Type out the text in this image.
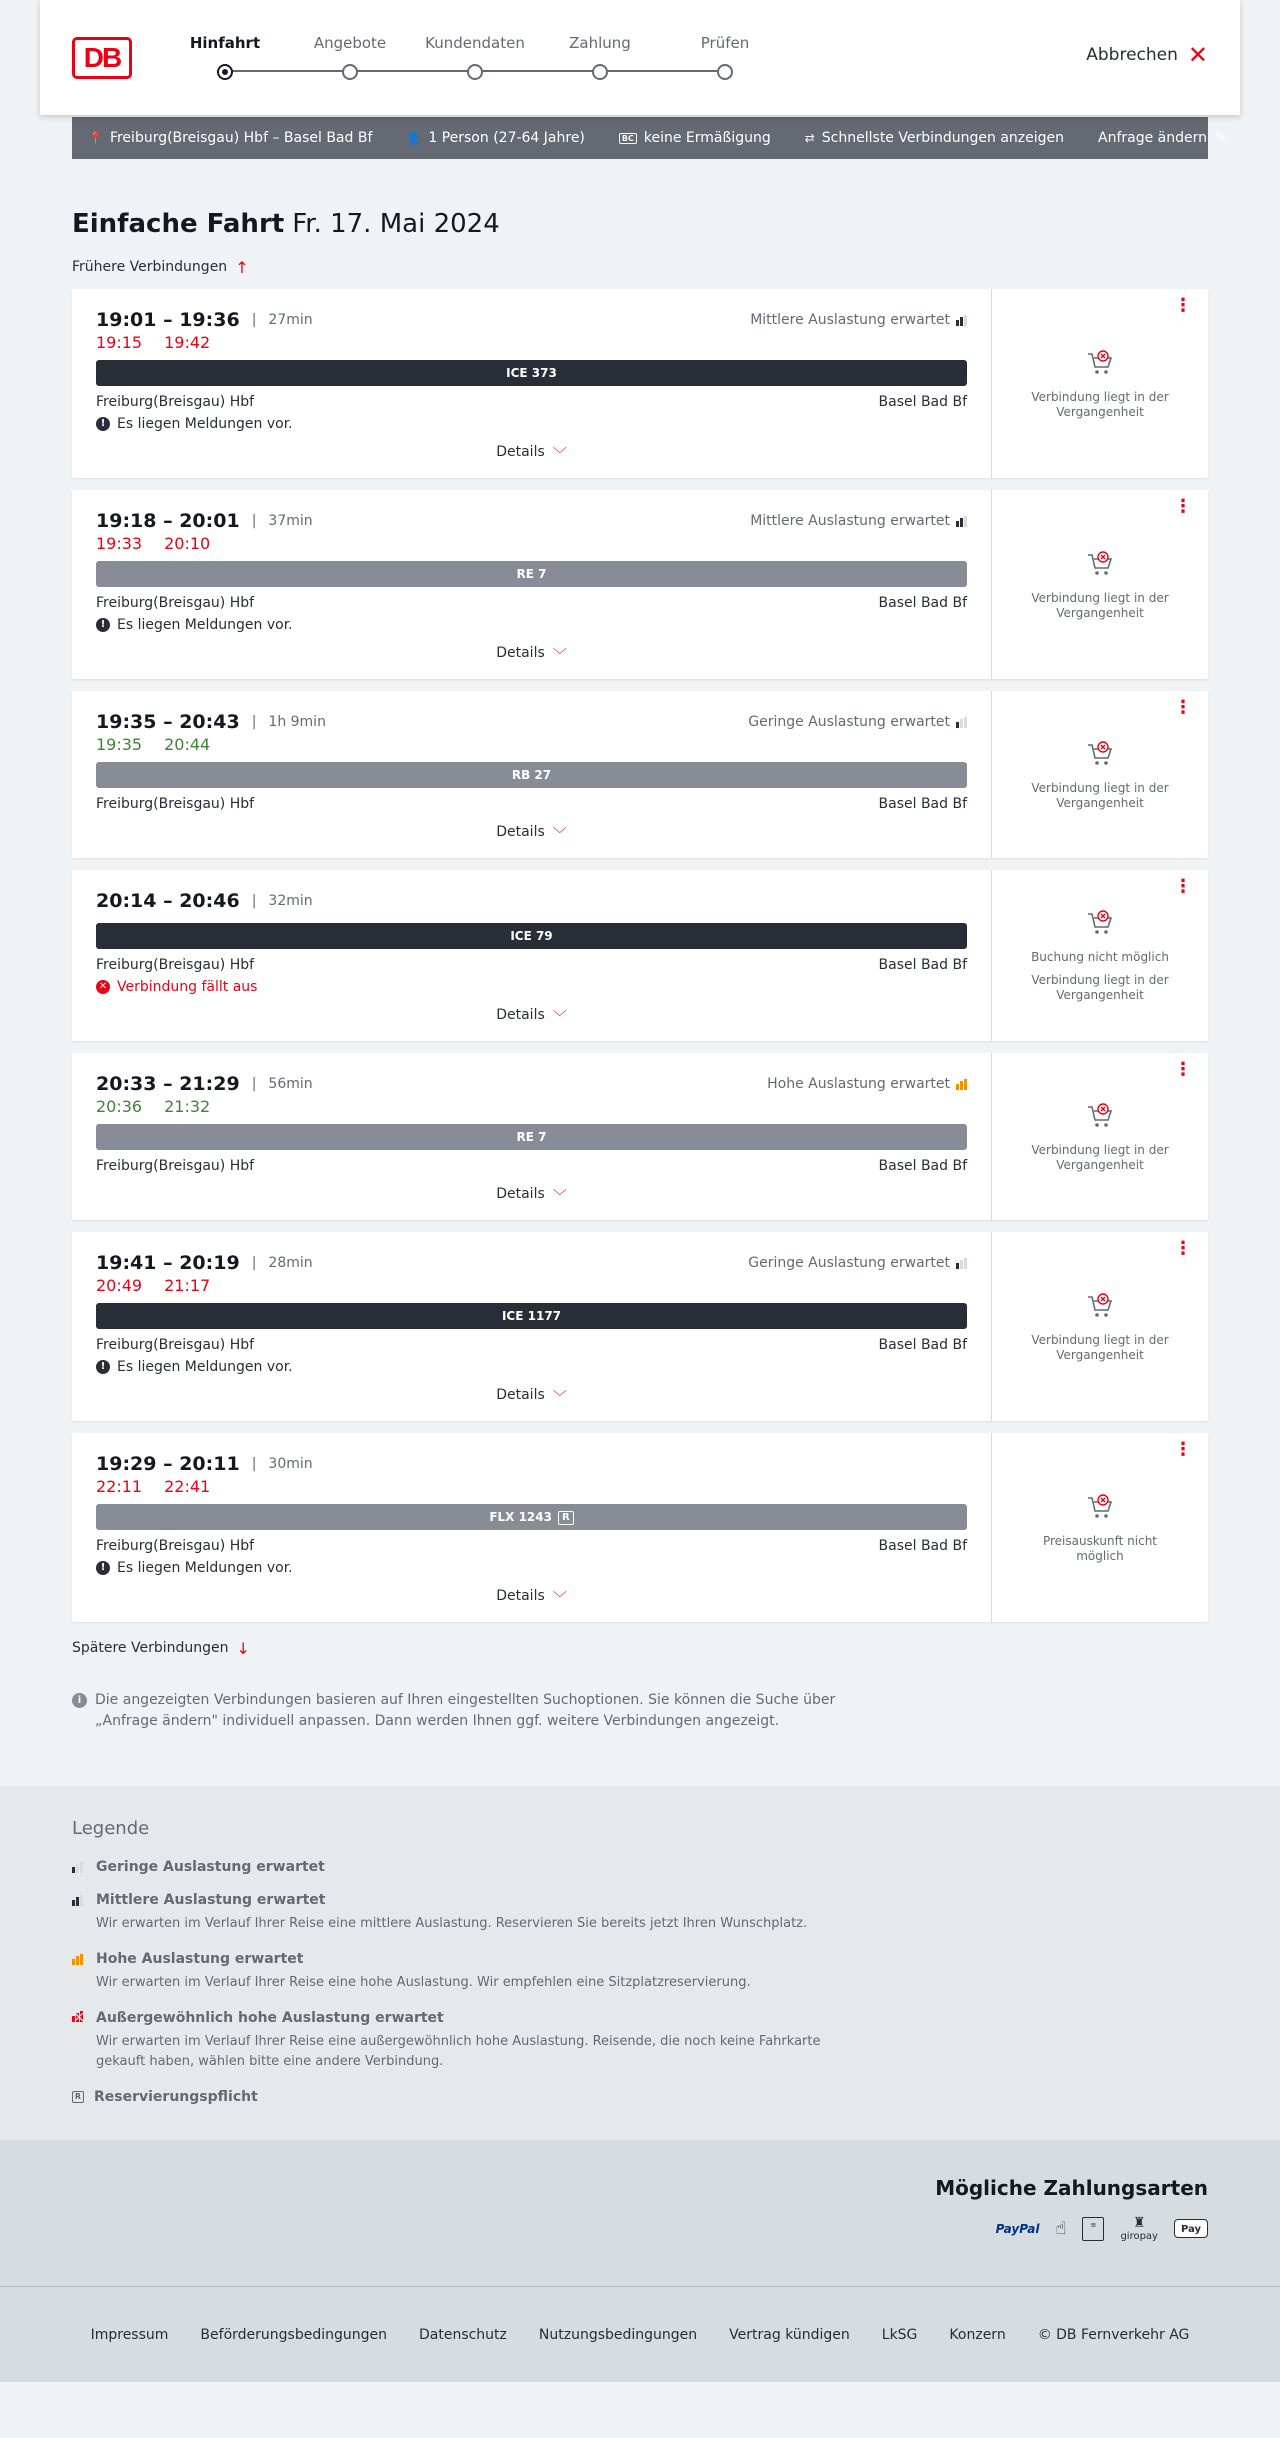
DB	Hinfahrt	Angebote	Kundendaten	Zahlung	Prüfen
Abbrechen ✕
📍 Freiburg(Breisgau) Hbf – Basel Bad Bf	👤 1 Person (27-64 Jahre)	BC keine Ermäßigung	⇄ Schnellste Verbindungen anzeigen Anfrage ändern ✎
Einfache Fahrt Fr. 17. Mai 2024
Frühere Verbindungen ↑
19:01 – 19:36 | 27min	Mittlere Auslastung erwartet
19:15 19:42
ICE 373
Freiburg(Breisgau) Hbf	Basel Bad Bf
! Es liegen Meldungen vor.
Details ﹀
⋮
Verbindung liegt in der Vergangenheit
19:18 – 20:01 | 37min	Mittlere Auslastung erwartet
19:33 20:10
RE 7
Freiburg(Breisgau) Hbf	Basel Bad Bf
! Es liegen Meldungen vor.
Details ﹀
⋮
Verbindung liegt in der Vergangenheit
19:35 – 20:43 | 1h 9min	Geringe Auslastung erwartet
19:35 20:44
RB 27
Freiburg(Breisgau) Hbf	Basel Bad Bf
Details ﹀
⋮
Verbindung liegt in der Vergangenheit
20:14 – 20:46 | 32min
ICE 79
Freiburg(Breisgau) Hbf	Basel Bad Bf
✕ Verbindung fällt aus
Details ﹀
⋮
Buchung nicht möglich
Verbindung liegt in der Vergangenheit
20:33 – 21:29 | 56min	Hohe Auslastung erwartet
20:36 21:32
RE 7
Freiburg(Breisgau) Hbf	Basel Bad Bf
Details ﹀
⋮
Verbindung liegt in der Vergangenheit
19:41 – 20:19 | 28min	Geringe Auslastung erwartet
20:49 21:17
ICE 1177
Freiburg(Breisgau) Hbf	Basel Bad Bf
! Es liegen Meldungen vor.
Details ﹀
⋮
Verbindung liegt in der Vergangenheit
19:29 – 20:11 | 30min
22:11 22:41
FLX 1243 R
Freiburg(Breisgau) Hbf	Basel Bad Bf
! Es liegen Meldungen vor.
Details ﹀
⋮
Preisauskunft nicht möglich
Spätere Verbindungen ↓
i Die angezeigten Verbindungen basieren auf Ihren eingestellten Suchoptionen. Sie können die Suche über „Anfrage ändern" individuell anpassen. Dann werden Ihnen ggf. weitere Verbindungen angezeigt.
Legende
Geringe Auslastung erwartet
Mittlere Auslastung erwartet
Wir erwarten im Verlauf Ihrer Reise eine mittlere Auslastung. Reservieren Sie bereits jetzt Ihren Wunschplatz.
Hohe Auslastung erwartet
Wir erwarten im Verlauf Ihrer Reise eine hohe Auslastung. Wir empfehlen eine Sitzplatzreservierung.
Außergewöhnlich hohe Auslastung erwartet
Wir erwarten im Verlauf Ihrer Reise eine außergewöhnlich hohe Auslastung. Reisende, die noch keine Fahrkarte gekauft haben, wählen bitte eine andere Verbindung.
R Reservierungspflicht
Mögliche Zahlungsarten
PayPal ☝	≡	♜
giropay
Pay
Impressum Beförderungsbedingungen Datenschutz Nutzungsbedingungen Vertrag kündigen LkSG Konzern © DB Fernverkehr AG
